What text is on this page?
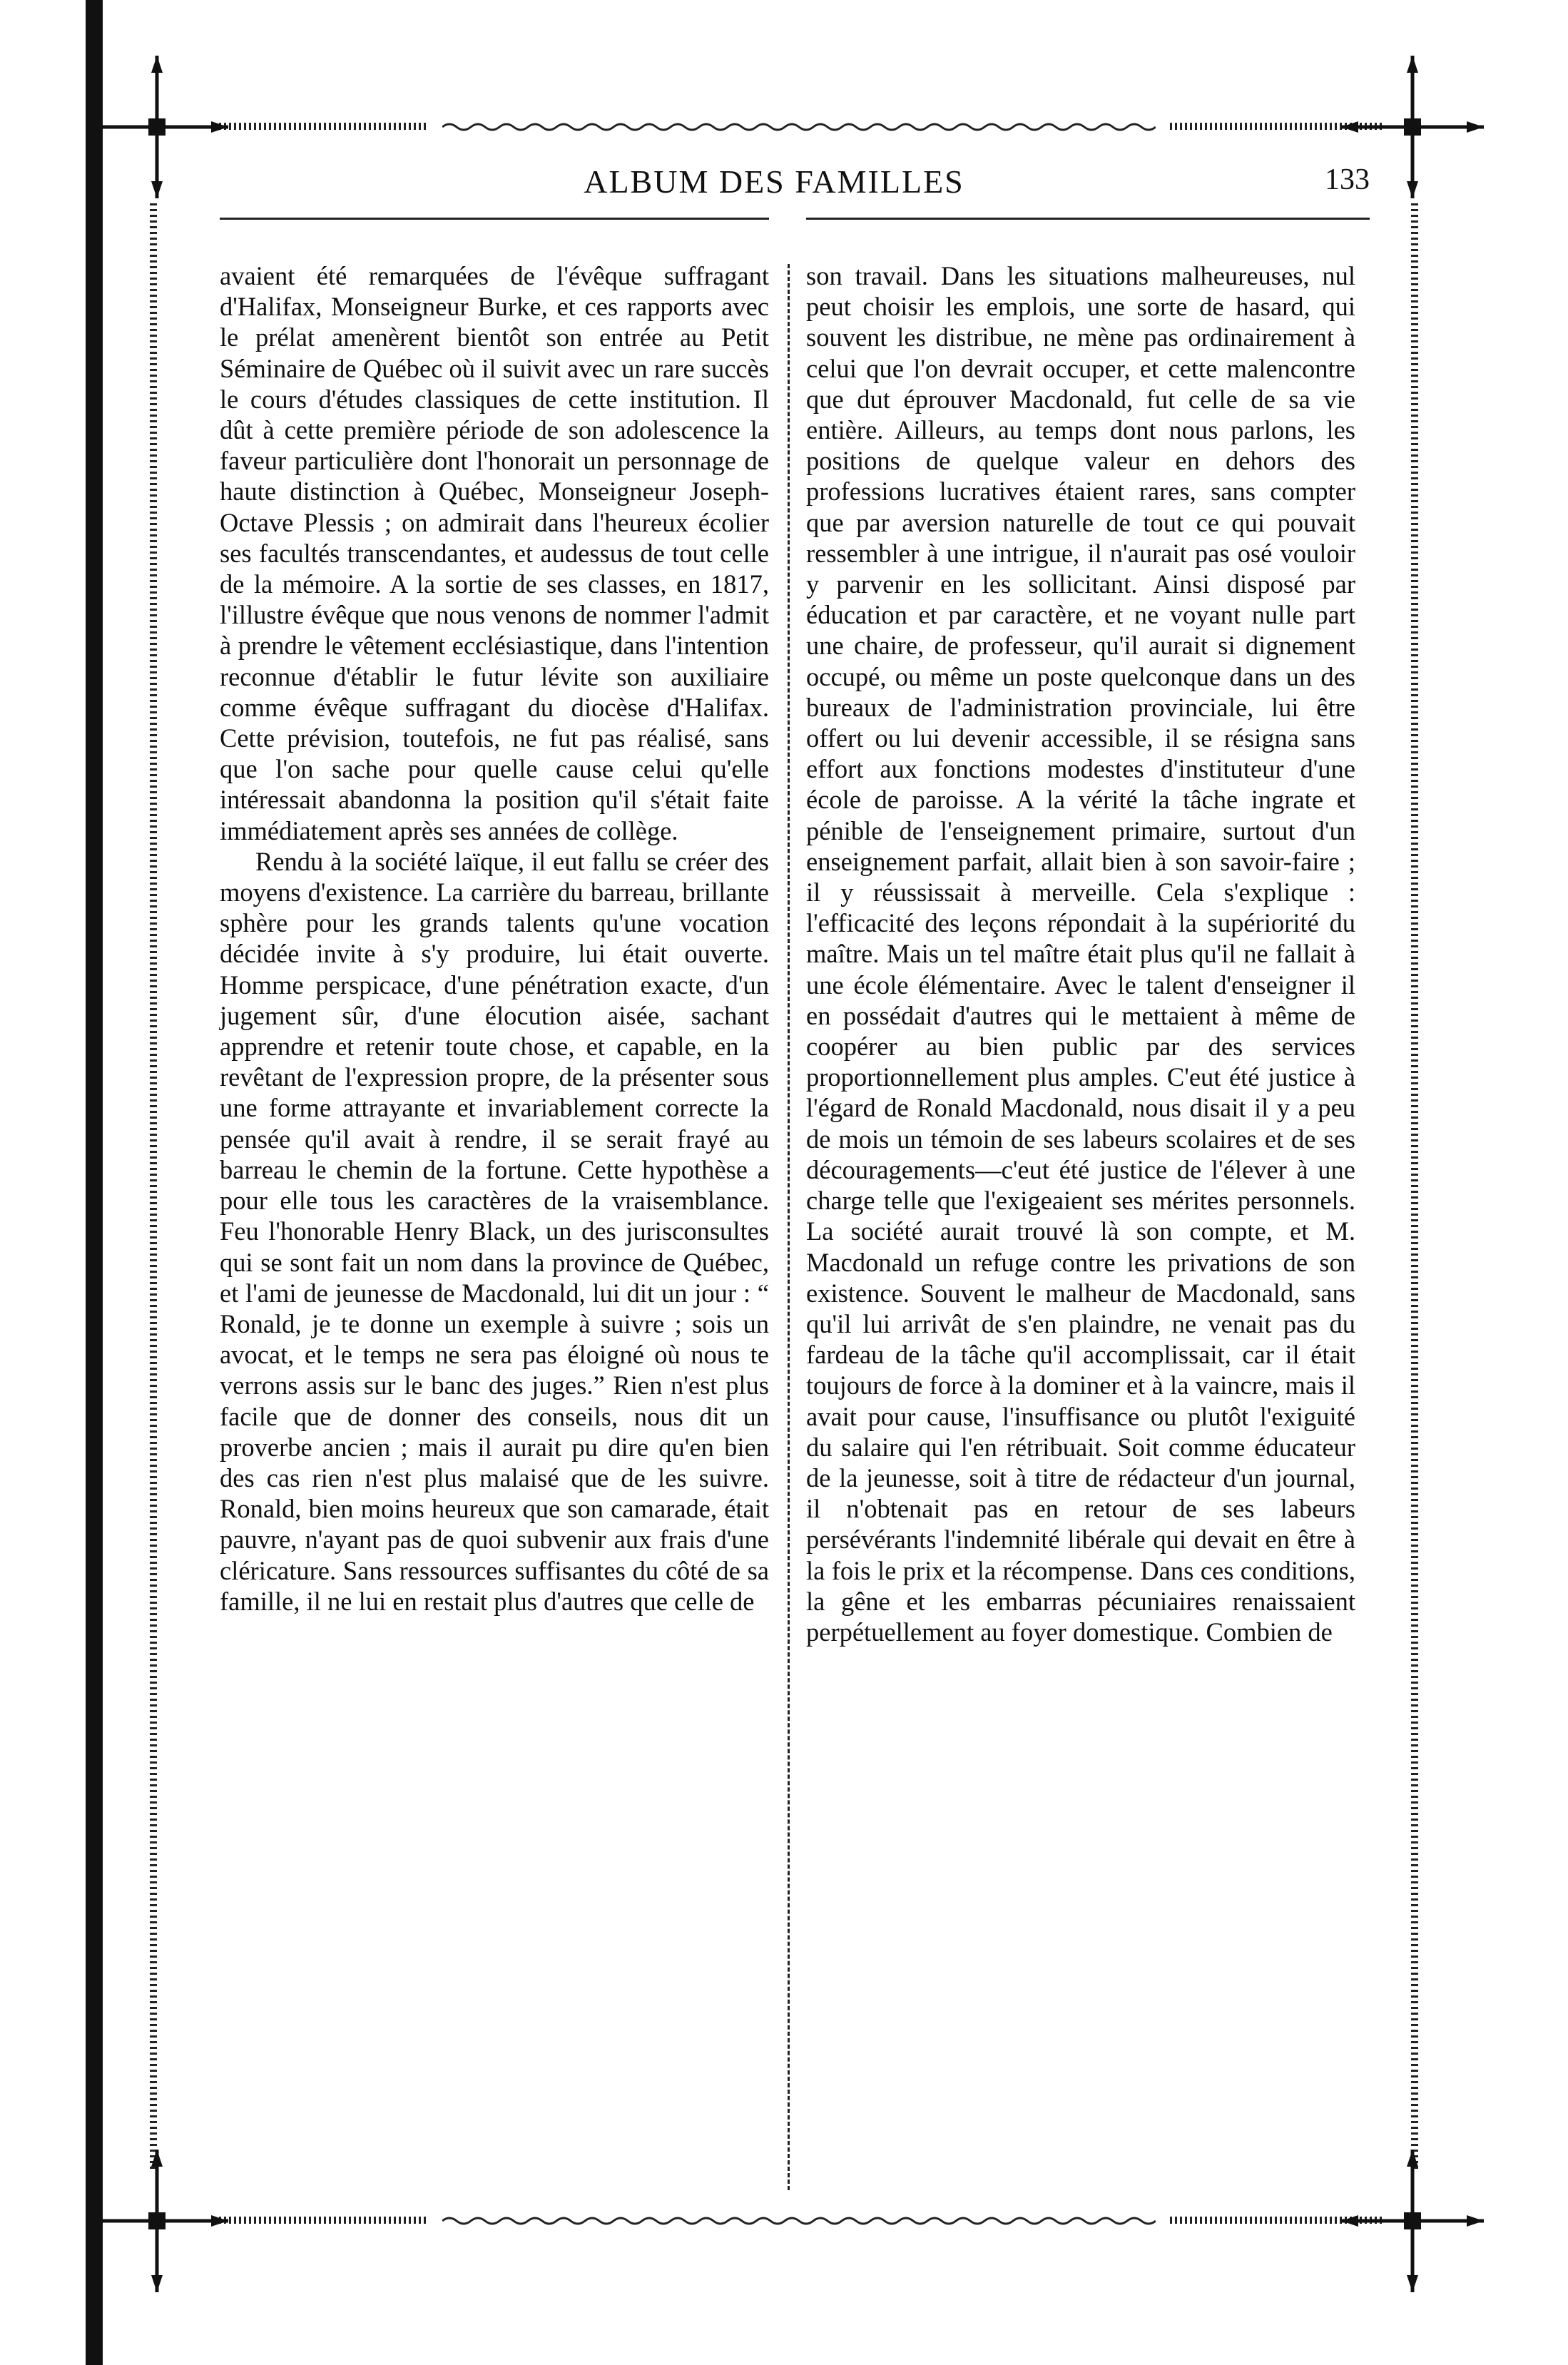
ALBUM DES FAMILLES	133

avaient été remarquées de l'évêque suffragant d'Halifax, Monseigneur Burke, et ces rapports avec le prélat amenèrent bientôt son entrée au Petit Séminaire de Québec où il suivit avec un rare succès le cours d'études classiques de cette institution. Il dût à cette première période de son adolescence la faveur particulière dont l'honorait un personnage de haute distinction à Québec, Monseigneur Joseph-Octave Plessis ; on admirait dans l'heureux écolier ses facultés transcendantes, et audessus de tout celle de la mémoire. A la sortie de ses classes, en 1817, l'illustre évêque que nous venons de nommer l'admit à prendre le vêtement ecclésiastique, dans l'intention reconnue d'établir le futur lévite son auxiliaire comme évêque suffragant du diocèse d'Halifax. Cette prévision, toutefois, ne fut pas réalisé, sans que l'on sache pour quelle cause celui qu'elle intéressait abandonna la position qu'il s'était faite immédiatement après ses années de collège.

Rendu à la société laïque, il eut fallu se créer des moyens d'existence. La carrière du barreau, brillante sphère pour les grands talents qu'une vocation décidée invite à s'y produire, lui était ouverte. Homme perspicace, d'une pénétration exacte, d'un jugement sûr, d'une élocution aisée, sachant apprendre et retenir toute chose, et capable, en la revêtant de l'expression propre, de la présenter sous une forme attrayante et invariablement correcte la pensée qu'il avait à rendre, il se serait frayé au barreau le chemin de la fortune. Cette hypothèse a pour elle tous les caractères de la vraisemblance. Feu l'honorable Henry Black, un des jurisconsultes qui se sont fait un nom dans la province de Québec, et l'ami de jeunesse de Macdonald, lui dit un jour : “ Ronald, je te donne un exemple à suivre ; sois un avocat, et le temps ne sera pas éloigné où nous te verrons assis sur le banc des juges.” Rien n'est plus facile que de donner des conseils, nous dit un proverbe ancien ; mais il aurait pu dire qu'en bien des cas rien n'est plus malaisé que de les suivre. Ronald, bien moins heureux que son camarade, était pauvre, n'ayant pas de quoi subvenir aux frais d'une cléricature. Sans ressources suffisantes du côté de sa famille, il ne lui en restait plus d'autres que celle de

son travail. Dans les situations malheureuses, nul peut choisir les emplois, une sorte de hasard, qui souvent les distribue, ne mène pas ordinairement à celui que l'on devrait occuper, et cette malencontre que dut éprouver Macdonald, fut celle de sa vie entière. Ailleurs, au temps dont nous parlons, les positions de quelque valeur en dehors des professions lucratives étaient rares, sans compter que par aversion naturelle de tout ce qui pouvait ressembler à une intrigue, il n'aurait pas osé vouloir y parvenir en les sollicitant. Ainsi disposé par éducation et par caractère, et ne voyant nulle part une chaire, de professeur, qu'il aurait si dignement occupé, ou même un poste quelconque dans un des bureaux de l'administration provinciale, lui être offert ou lui devenir accessible, il se résigna sans effort aux fonctions modestes d'instituteur d'une école de paroisse. A la vérité la tâche ingrate et pénible de l'enseignement primaire, surtout d'un enseignement parfait, allait bien à son savoir-faire ; il y réussissait à merveille. Cela s'explique : l'efficacité des leçons répondait à la supériorité du maître. Mais un tel maître était plus qu'il ne fallait à une école élémentaire. Avec le talent d'enseigner il en possédait d'autres qui le mettaient à même de coopérer au bien public par des services proportionnellement plus amples. C'eut été justice à l'égard de Ronald Macdonald, nous disait il y a peu de mois un témoin de ses labeurs scolaires et de ses découragements—c'eut été justice de l'élever à une charge telle que l'exigeaient ses mérites personnels. La société aurait trouvé là son compte, et M. Macdonald un refuge contre les privations de son existence. Souvent le malheur de Macdonald, sans qu'il lui arrivât de s'en plaindre, ne venait pas du fardeau de la tâche qu'il accomplissait, car il était toujours de force à la dominer et à la vaincre, mais il avait pour cause, l'insuffisance ou plutôt l'exiguité du salaire qui l'en rétribuait. Soit comme éducateur de la jeunesse, soit à titre de rédacteur d'un journal, il n'obtenait pas en retour de ses labeurs persévérants l'indemnité libérale qui devait en être à la fois le prix et la récompense. Dans ces conditions, la gêne et les embarras pécuniaires renaissaient perpétuellement au foyer domestique. Combien de
